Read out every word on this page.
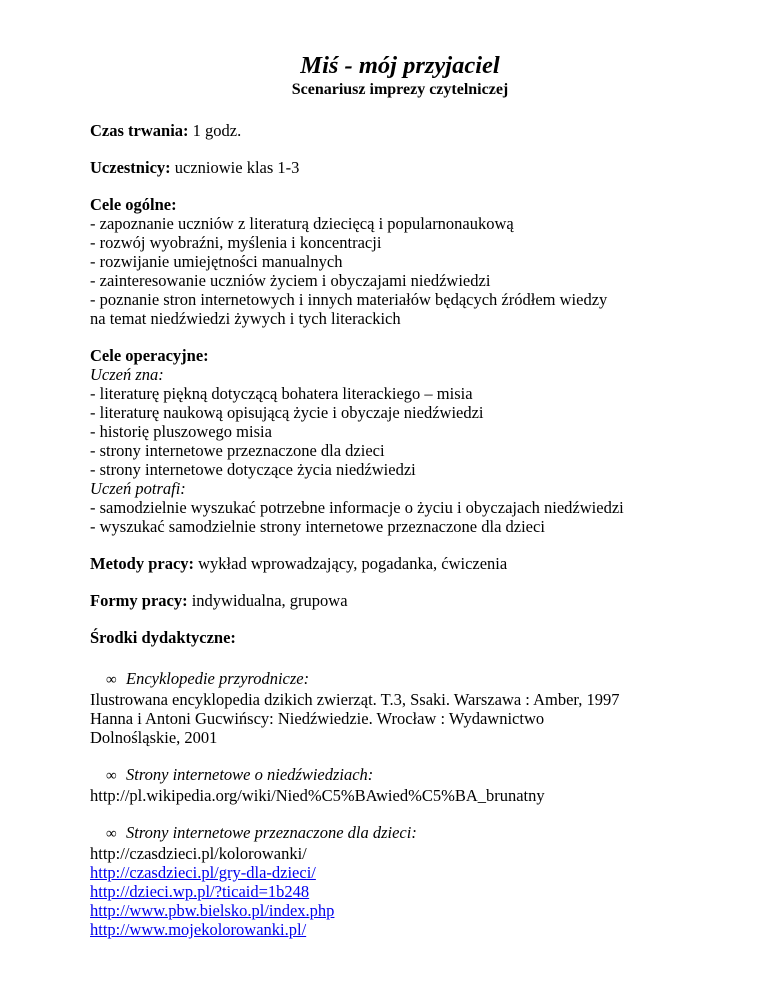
Miś - mój przyjaciel
Scenariusz imprezy czytelniczej
Czas trwania: 1 godz.
Uczestnicy: uczniowie klas 1-3
Cele ogólne:
- zapoznanie uczniów z literaturą dziecięcą i popularnonaukową
- rozwój wyobraźni, myślenia i koncentracji
- rozwijanie umiejętności manualnych
- zainteresowanie uczniów życiem i obyczajami niedźwiedzi
- poznanie stron internetowych i innych materiałów będących źródłem wiedzy
na temat niedźwiedzi żywych i tych literackich
Cele operacyjne:
Uczeń zna:
- literaturę piękną dotyczącą bohatera literackiego – misia
- literaturę naukową opisującą życie i obyczaje niedźwiedzi
- historię pluszowego misia
- strony internetowe przeznaczone dla dzieci
- strony internetowe dotyczące życia niedźwiedzi
Uczeń potrafi:
- samodzielnie wyszukać potrzebne informacje o życiu i obyczajach niedźwiedzi
- wyszukać samodzielnie strony internetowe przeznaczone dla dzieci
Metody pracy: wykład wprowadzający, pogadanka, ćwiczenia
Formy pracy: indywidualna, grupowa
Środki dydaktyczne:
∞ Encyklopedie przyrodnicze:
Ilustrowana encyklopedia dzikich zwierząt. T.3, Ssaki. Warszawa : Amber, 1997
Hanna i Antoni Gucwińscy: Niedźwiedzie. Wrocław : Wydawnictwo
Dolnośląskie, 2001
∞ Strony internetowe o niedźwiedziach:
http://pl.wikipedia.org/wiki/Nied%C5%BAwied%C5%BA_brunatny
∞ Strony internetowe przeznaczone dla dzieci:
http://czasdzieci.pl/kolorowanki/
http://czasdzieci.pl/gry-dla-dzieci/
http://dzieci.wp.pl/?ticaid=1b248
http://www.pbw.bielsko.pl/index.php
http://www.mojekolorowanki.pl/
